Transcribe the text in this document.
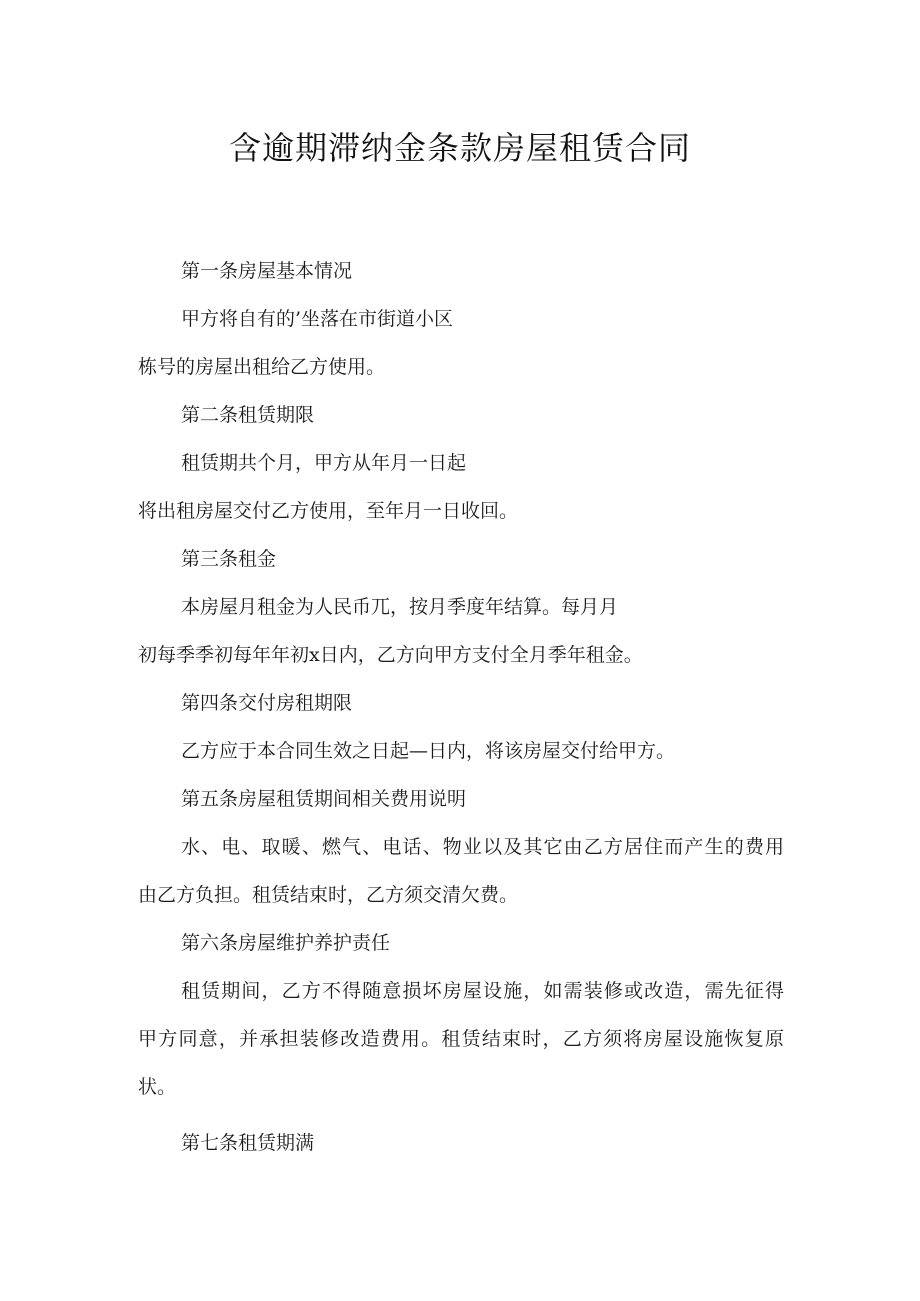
含逾期滞纳金条款房屋租赁合同
第一条房屋基本情况
甲方将自有的’坐落在市街道小区
栋号的房屋出租给乙方使用。
第二条租赁期限
租赁期共个月，甲方从年月一日起
将出租房屋交付乙方使用，至年月一日收回。
第三条租金
本房屋月租金为人民币兀，按月季度年结算。每月月
初每季季初每年年初x日内，乙方向甲方支付全月季年租金。
第四条交付房租期限
乙方应于本合同生效之日起—日内，将该房屋交付给甲方。
第五条房屋租赁期间相关费用说明
水、电、取暖、燃气、电话、物业以及其它由乙方居住而产生的费用
由乙方负担。租赁结束时，乙方须交清欠费。
第六条房屋维护养护责任
租赁期间，乙方不得随意损坏房屋设施，如需装修或改造，需先征得
甲方同意，并承担装修改造费用。租赁结束时，乙方须将房屋设施恢复原
状。
第七条租赁期满
